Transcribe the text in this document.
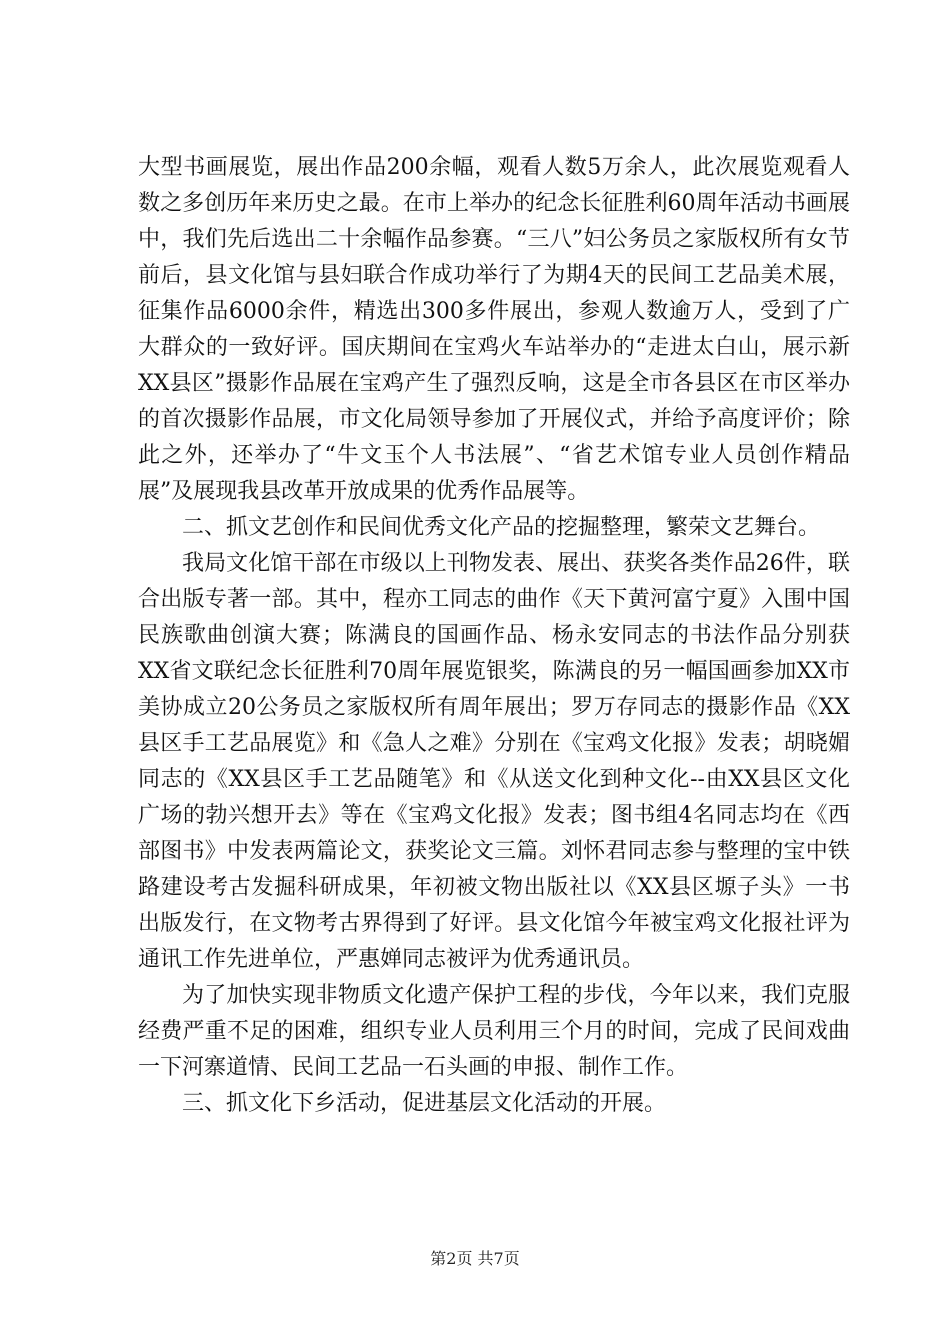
大型书画展览，展出作品200余幅，观看人数5万余人，此次展览观看人数之多创历年来历史之最。在市上举办的纪念长征胜利60周年活动书画展中，我们先后选出二十余幅作品参赛。“三八”妇公务员之家版权所有女节前后，县文化馆与县妇联合作成功举行了为期4天的民间工艺品美术展，征集作品6000余件，精选出300多件展出，参观人数逾万人，受到了广大群众的一致好评。国庆期间在宝鸡火车站举办的“走进太白山，展示新XX县区”摄影作品展在宝鸡产生了强烈反响，这是全市各县区在市区举办的首次摄影作品展，市文化局领导参加了开展仪式，并给予高度评价；除此之外，还举办了“牛文玉个人书法展”、“省艺术馆专业人员创作精品展”及展现我县改革开放成果的优秀作品展等。

二、抓文艺创作和民间优秀文化产品的挖掘整理，繁荣文艺舞台。

我局文化馆干部在市级以上刊物发表、展出、获奖各类作品26件，联合出版专著一部。其中，程亦工同志的曲作《天下黄河富宁夏》入围中国民族歌曲创演大赛；陈满良的国画作品、杨永安同志的书法作品分别获XX省文联纪念长征胜利70周年展览银奖，陈满良的另一幅国画参加XX市美协成立20公务员之家版权所有周年展出；罗万存同志的摄影作品《XX县区手工艺品展览》和《急人之难》分别在《宝鸡文化报》发表；胡晓媚同志的《XX县区手工艺品随笔》和《从送文化到种文化--由XX县区文化广场的勃兴想开去》等在《宝鸡文化报》发表；图书组4名同志均在《西部图书》中发表两篇论文，获奖论文三篇。刘怀君同志参与整理的宝中铁路建设考古发掘科研成果，年初被文物出版社以《XX县区塬子头》一书出版发行，在文物考古界得到了好评。县文化馆今年被宝鸡文化报社评为通讯工作先进单位，严惠婵同志被评为优秀通讯员。

为了加快实现非物质文化遗产保护工程的步伐，今年以来，我们克服经费严重不足的困难，组织专业人员利用三个月的时间，完成了民间戏曲一下河寨道情、民间工艺品一石头画的申报、制作工作。

三、抓文化下乡活动，促进基层文化活动的开展。

第2页 共7页
